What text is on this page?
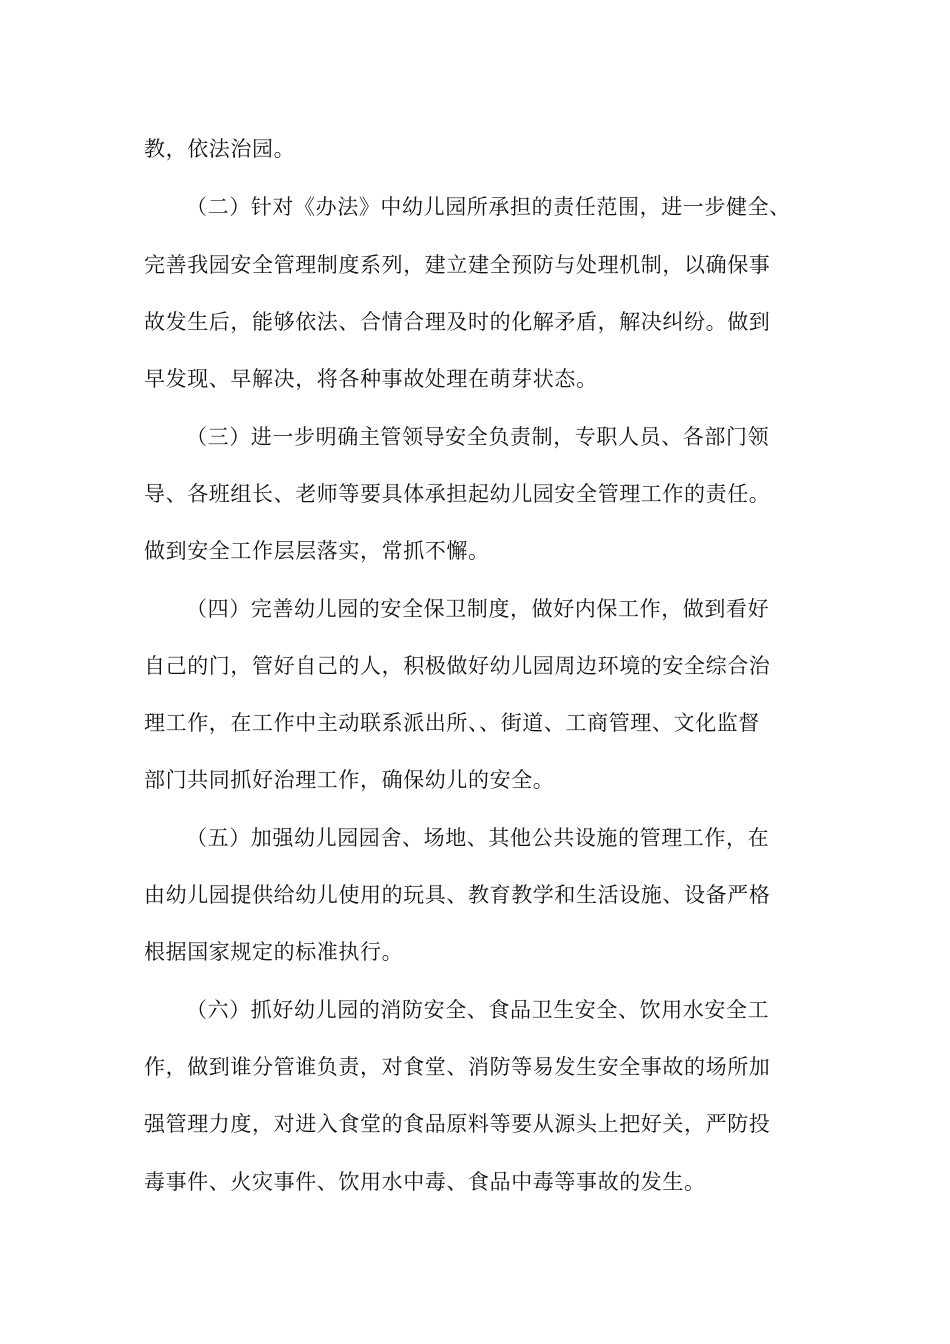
教，依法治园。
（二）针对《办法》中幼儿园所承担的责任范围，进一步健全、
完善我园安全管理制度系列，建立建全预防与处理机制，以确保事
故发生后，能够依法、合情合理及时的化解矛盾，解决纠纷。做到
早发现、早解决，将各种事故处理在萌芽状态。
（三）进一步明确主管领导安全负责制，专职人员、各部门领
导、各班组长、老师等要具体承担起幼儿园安全管理工作的责任。
做到安全工作层层落实，常抓不懈。
（四）完善幼儿园的安全保卫制度，做好内保工作，做到看好
自己的门，管好自己的人，积极做好幼儿园周边环境的安全综合治
理工作，在工作中主动联系派出所、、街道、工商管理、文化监督
部门共同抓好治理工作，确保幼儿的安全。
（五）加强幼儿园园舍、场地、其他公共设施的管理工作，在
由幼儿园提供给幼儿使用的玩具、教育教学和生活设施、设备严格
根据国家规定的标准执行。
（六）抓好幼儿园的消防安全、食品卫生安全、饮用水安全工
作，做到谁分管谁负责，对食堂、消防等易发生安全事故的场所加
强管理力度，对进入食堂的食品原料等要从源头上把好关，严防投
毒事件、火灾事件、饮用水中毒、食品中毒等事故的发生。
